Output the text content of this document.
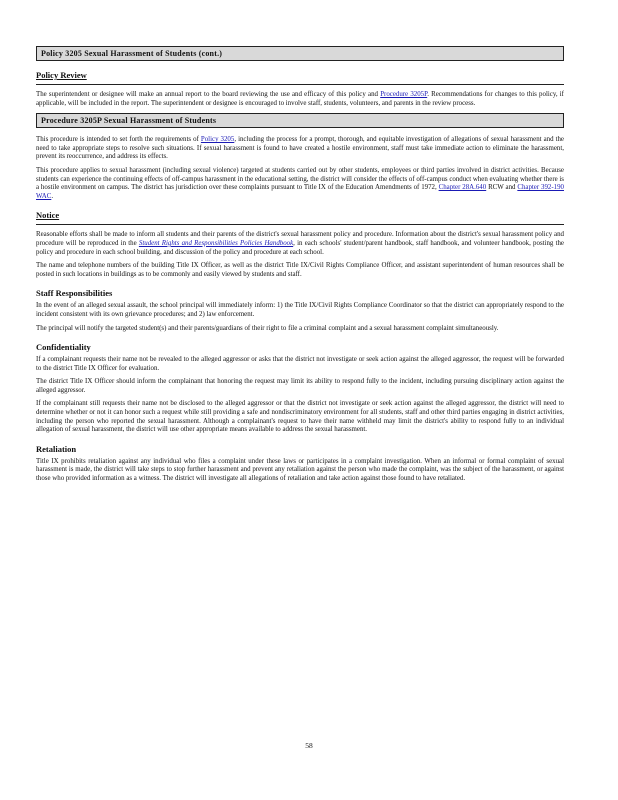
Policy 3205 Sexual Harassment of Students (cont.)
Policy Review
The superintendent or designee will make an annual report to the board reviewing the use and efficacy of this policy and Procedure 3205P. Recommendations for changes to this policy, if applicable, will be included in the report. The superintendent or designee is encouraged to involve staff, students, volunteers, and parents in the review process.
Procedure 3205P Sexual Harassment of Students
This procedure is intended to set forth the requirements of Policy 3205, including the process for a prompt, thorough, and equitable investigation of allegations of sexual harassment and the need to take appropriate steps to resolve such situations. If sexual harassment is found to have created a hostile environment, staff must take immediate action to eliminate the harassment, prevent its reoccurrence, and address its effects.
This procedure applies to sexual harassment (including sexual violence) targeted at students carried out by other students, employees or third parties involved in district activities. Because students can experience the continuing effects of off-campus harassment in the educational setting, the district will consider the effects of off-campus conduct when evaluating whether there is a hostile environment on campus. The district has jurisdiction over these complaints pursuant to Title IX of the Education Amendments of 1972, Chapter 28A.640 RCW and Chapter 392-190 WAC.
Notice
Reasonable efforts shall be made to inform all students and their parents of the district's sexual harassment policy and procedure. Information about the district's sexual harassment policy and procedure will be reproduced in the Student Rights and Responsibilities Policies Handbook, in each schools' student/parent handbook, staff handbook, and volunteer handbook, posting the policy and procedure in each school building, and discussion of the policy and procedure at each school.
The name and telephone numbers of the building Title IX Officer, as well as the district Title IX/Civil Rights Compliance Officer, and assistant superintendent of human resources shall be posted in such locations in buildings as to be commonly and easily viewed by students and staff.
Staff Responsibilities
In the event of an alleged sexual assault, the school principal will immediately inform: 1) the Title IX/Civil Rights Compliance Coordinator so that the district can appropriately respond to the incident consistent with its own grievance procedures; and 2) law enforcement.
The principal will notify the targeted student(s) and their parents/guardians of their right to file a criminal complaint and a sexual harassment complaint simultaneously.
Confidentiality
If a complainant requests their name not be revealed to the alleged aggressor or asks that the district not investigate or seek action against the alleged aggressor, the request will be forwarded to the district Title IX Officer for evaluation.
The district Title IX Officer should inform the complainant that honoring the request may limit its ability to respond fully to the incident, including pursuing disciplinary action against the alleged aggressor.
If the complainant still requests their name not be disclosed to the alleged aggressor or that the district not investigate or seek action against the alleged aggressor, the district will need to determine whether or not it can honor such a request while still providing a safe and nondiscriminatory environment for all students, staff and other third parties engaging in district activities, including the person who reported the sexual harassment. Although a complainant's request to have their name withheld may limit the district's ability to respond fully to an individual allegation of sexual harassment, the district will use other appropriate means available to address the sexual harassment.
Retaliation
Title IX prohibits retaliation against any individual who files a complaint under these laws or participates in a complaint investigation. When an informal or formal complaint of sexual harassment is made, the district will take steps to stop further harassment and prevent any retaliation against the person who made the complaint, was the subject of the harassment, or against those who provided information as a witness. The district will investigate all allegations of retaliation and take action against those found to have retaliated.
58
